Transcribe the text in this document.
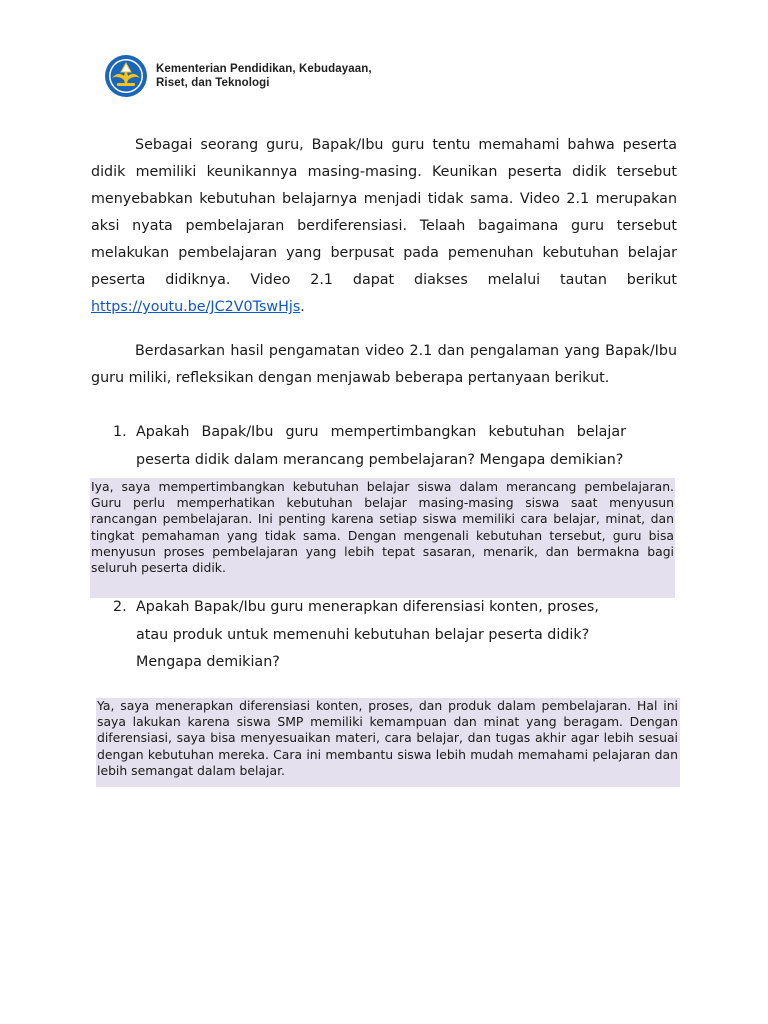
Kementerian Pendidikan, Kebudayaan,
Riset, dan Teknologi

Sebagai seorang guru, Bapak/Ibu guru tentu memahami bahwa peserta didik memiliki keunikannya masing-masing. Keunikan peserta didik tersebut menyebabkan kebutuhan belajarnya menjadi tidak sama. Video 2.1 merupakan aksi nyata pembelajaran berdiferensiasi. Telaah bagaimana guru tersebut melakukan pembelajaran yang berpusat pada pemenuhan kebutuhan belajar peserta didiknya. Video 2.1 dapat diakses melalui tautan berikut https://youtu.be/JC2V0TswHjs.

Berdasarkan hasil pengamatan video 2.1 dan pengalaman yang Bapak/Ibu guru miliki, refleksikan dengan menjawab beberapa pertanyaan berikut.

1. Apakah Bapak/Ibu guru mempertimbangkan kebutuhan belajar peserta didik dalam merancang pembelajaran? Mengapa demikian?
Iya, saya mempertimbangkan kebutuhan belajar siswa dalam merancang pembelajaran. Guru perlu memperhatikan kebutuhan belajar masing-masing siswa saat menyusun rancangan pembelajaran. Ini penting karena setiap siswa memiliki cara belajar, minat, dan tingkat pemahaman yang tidak sama. Dengan mengenali kebutuhan tersebut, guru bisa menyusun proses pembelajaran yang lebih tepat sasaran, menarik, dan bermakna bagi seluruh peserta didik.
2. Apakah Bapak/Ibu guru menerapkan diferensiasi konten, proses,
atau produk untuk memenuhi kebutuhan belajar peserta didik?
Mengapa demikian?
Ya, saya menerapkan diferensiasi konten, proses, dan produk dalam pembelajaran. Hal ini saya lakukan karena siswa SMP memiliki kemampuan dan minat yang beragam. Dengan diferensiasi, saya bisa menyesuaikan materi, cara belajar, dan tugas akhir agar lebih sesuai dengan kebutuhan mereka. Cara ini membantu siswa lebih mudah memahami pelajaran dan lebih semangat dalam belajar.
